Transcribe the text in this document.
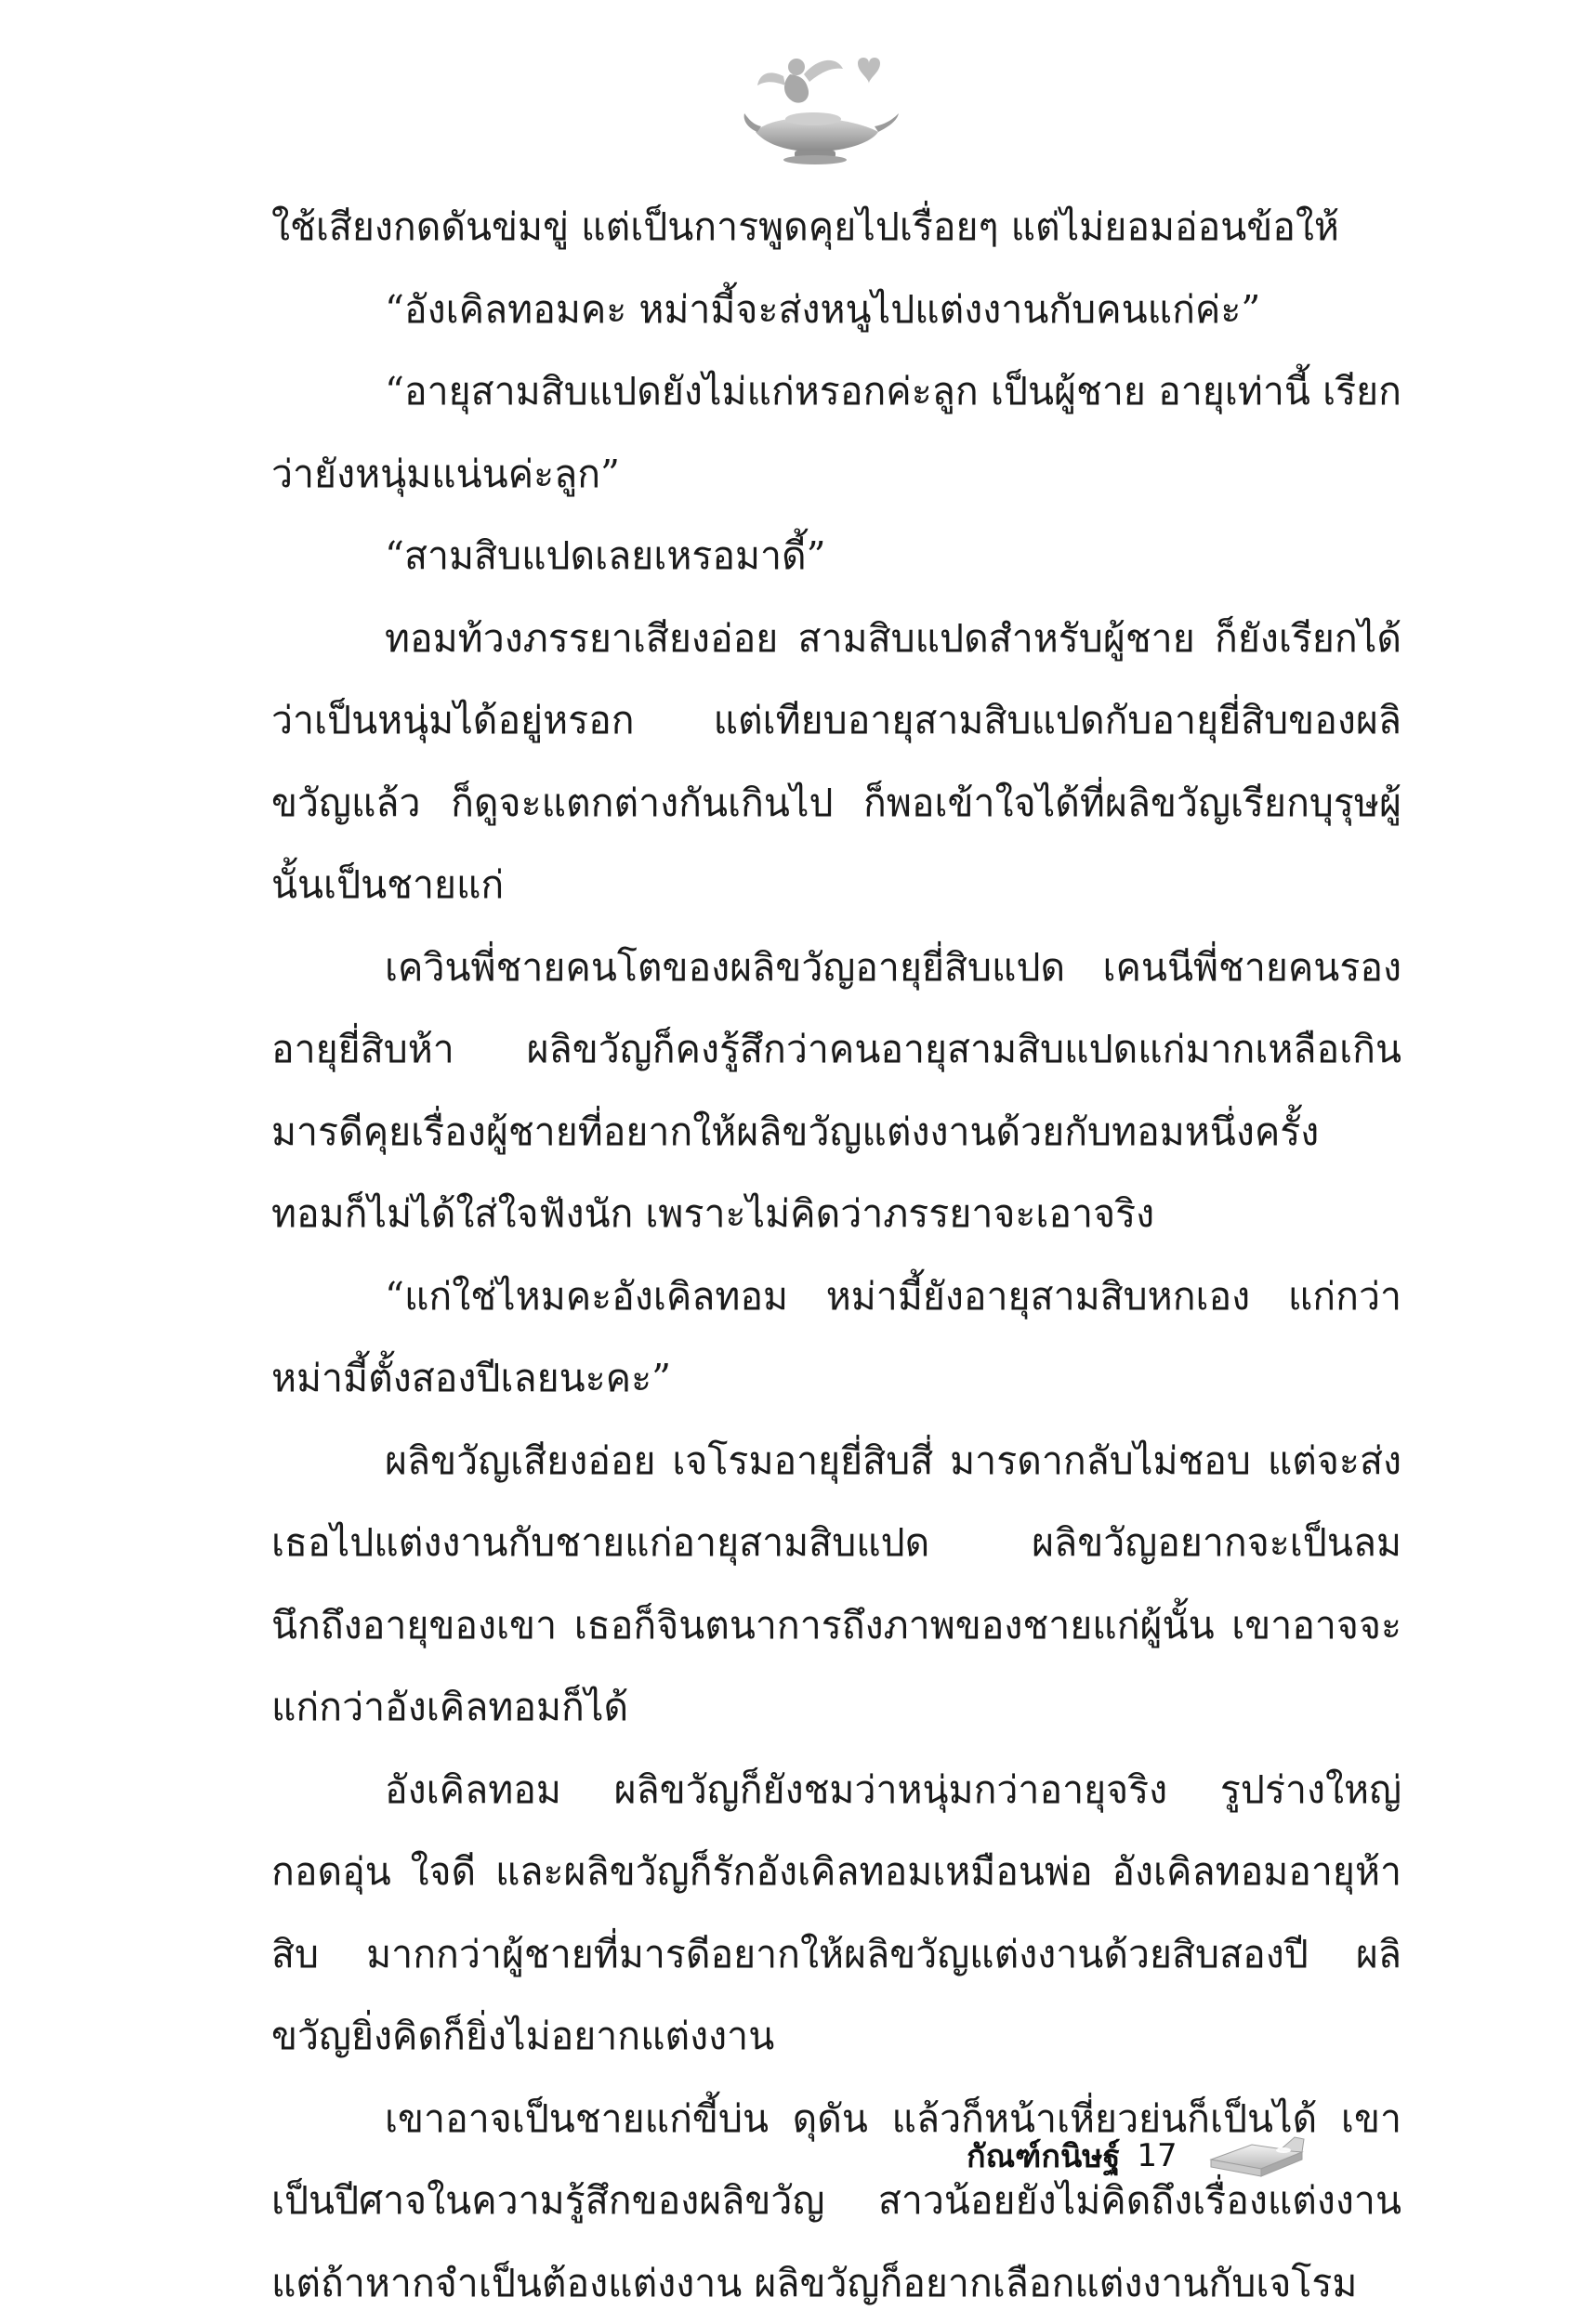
ใช้เสียงกดดันข่มขู่ แต่เป็นการพูดคุยไปเรื่อยๆ แต่ไม่ยอมอ่อนข้อให้

“อังเคิลทอมคะ หม่ามี้จะส่งหนูไปแต่งงานกับคนแก่ค่ะ”

“อายุสามสิบแปดยังไม่แก่หรอกค่ะลูก เป็นผู้ชาย อายุเท่านี้ เรียกว่ายังหนุ่มแน่นค่ะลูก”

“สามสิบแปดเลยเหรอมาดี้”

ทอมท้วงภรรยาเสียงอ่อย สามสิบแปดสำหรับผู้ชาย ก็ยังเรียกได้ว่าเป็นหนุ่มได้อยู่หรอก แต่เทียบอายุสามสิบแปดกับอายุยี่สิบของผลิขวัญแล้ว ก็ดูจะแตกต่างกันเกินไป ก็พอเข้าใจได้ที่ผลิขวัญเรียกบุรุษผู้นั้นเป็นชายแก่

เควินพี่ชายคนโตของผลิขวัญอายุยี่สิบแปด เคนนีพี่ชายคนรองอายุยี่สิบห้า ผลิขวัญก็คงรู้สึกว่าคนอายุสามสิบแปดแก่มากเหลือเกิน มารดีคุยเรื่องผู้ชายที่อยากให้ผลิขวัญแต่งงานด้วยกับทอมหนึ่งครั้ง ทอมก็ไม่ได้ใส่ใจฟังนัก เพราะไม่คิดว่าภรรยาจะเอาจริง

“แก่ใช่ไหมคะอังเคิลทอม หม่ามี้ยังอายุสามสิบหกเอง แก่กว่าหม่ามี้ตั้งสองปีเลยนะคะ”

ผลิขวัญเสียงอ่อย เจโรมอายุยี่สิบสี่ มารดากลับไม่ชอบ แต่จะส่งเธอไปแต่งงานกับชายแก่อายุสามสิบแปด ผลิขวัญอยากจะเป็นลม นึกถึงอายุของเขา เธอก็จินตนาการถึงภาพของชายแก่ผู้นั้น เขาอาจจะแก่กว่าอังเคิลทอมก็ได้

อังเคิลทอม ผลิขวัญก็ยังชมว่าหนุ่มกว่าอายุจริง รูปร่างใหญ่ กอดอุ่น ใจดี และผลิขวัญก็รักอังเคิลทอมเหมือนพ่อ อังเคิลทอมอายุห้าสิบ มากกว่าผู้ชายที่มารดีอยากให้ผลิขวัญแต่งงานด้วยสิบสองปี ผลิขวัญยิ่งคิดก็ยิ่งไม่อยากแต่งงาน

เขาอาจเป็นชายแก่ขี้บ่น ดุดัน แล้วก็หน้าเหี่ยวย่นก็เป็นได้ เขาเป็นปีศาจในความรู้สึกของผลิขวัญ สาวน้อยยังไม่คิดถึงเรื่องแต่งงาน แต่ถ้าหากจำเป็นต้องแต่งงาน ผลิขวัญก็อยากเลือกแต่งงานกับเจโรม

กัณฑ์กนิษฐ์ 17
